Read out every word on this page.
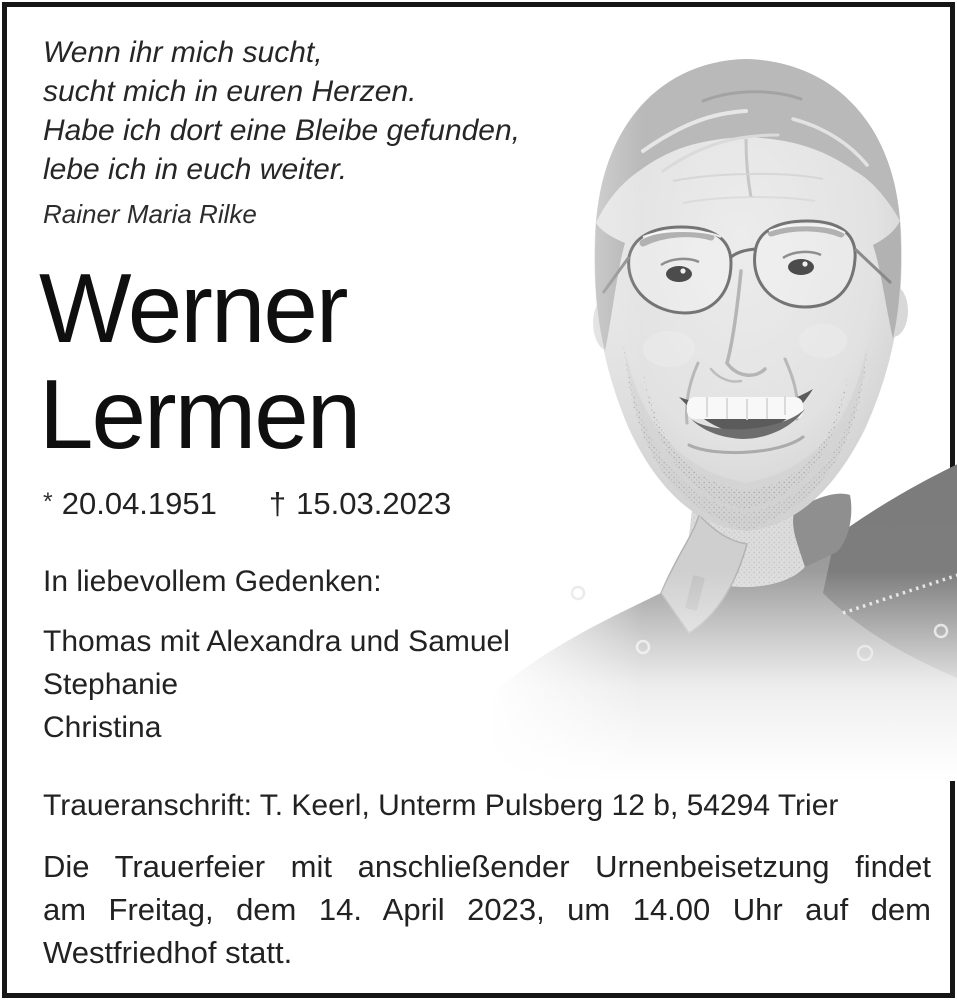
Wenn ihr mich sucht,
sucht mich in euren Herzen.
Habe ich dort eine Bleibe gefunden,
lebe ich in euch weiter.
Rainer Maria Rilke
Werner
Lermen
* 20.04.1951 † 15.03.2023
In liebevollem Gedenken:
Thomas mit Alexandra und Samuel
Stephanie
Christina
Traueranschrift: T. Keerl, Unterm Pulsberg 12 b, 54294 Trier
Die Trauerfeier mit anschließender Urnenbeisetzung findet
am Freitag, dem 14. April 2023, um 14.00 Uhr auf dem
Westfriedhof statt.
